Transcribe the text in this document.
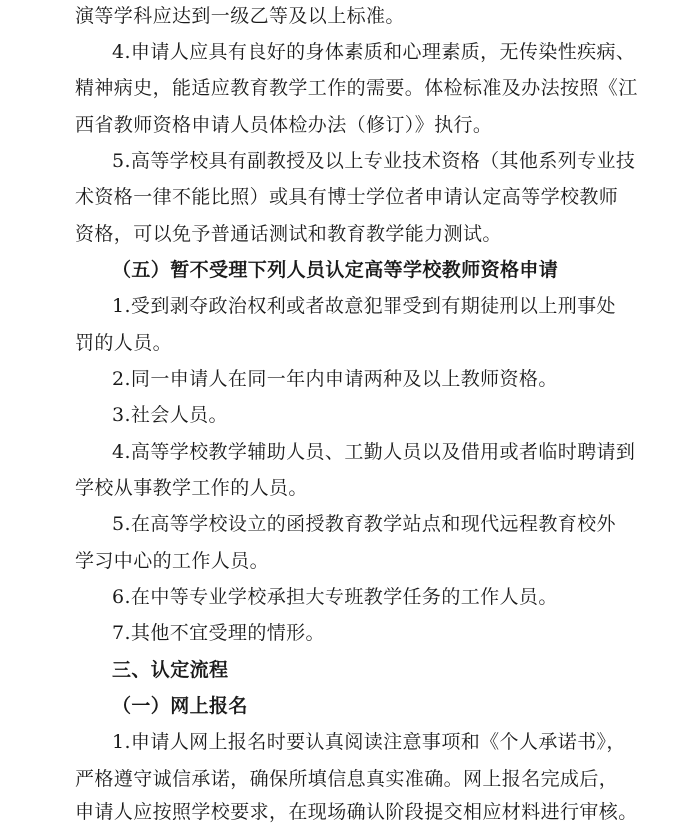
演等学科应达到一级乙等及以上标准。
4.申请人应具有良好的身体素质和心理素质，无传染性疾病、
精神病史，能适应教育教学工作的需要。体检标准及办法按照《江
西省教师资格申请人员体检办法（修订）》执行。
5.高等学校具有副教授及以上专业技术资格（其他系列专业技
术资格一律不能比照）或具有博士学位者申请认定高等学校教师
资格，可以免予普通话测试和教育教学能力测试。
（五）暂不受理下列人员认定高等学校教师资格申请
1.受到剥夺政治权利或者故意犯罪受到有期徒刑以上刑事处
罚的人员。
2.同一申请人在同一年内申请两种及以上教师资格。
3.社会人员。
4.高等学校教学辅助人员、工勤人员以及借用或者临时聘请到
学校从事教学工作的人员。
5.在高等学校设立的函授教育教学站点和现代远程教育校外
学习中心的工作人员。
6.在中等专业学校承担大专班教学任务的工作人员。
7.其他不宜受理的情形。
三、认定流程
（一）网上报名
1.申请人网上报名时要认真阅读注意事项和《个人承诺书》，
严格遵守诚信承诺，确保所填信息真实准确。网上报名完成后，
申请人应按照学校要求，在现场确认阶段提交相应材料进行审核。
